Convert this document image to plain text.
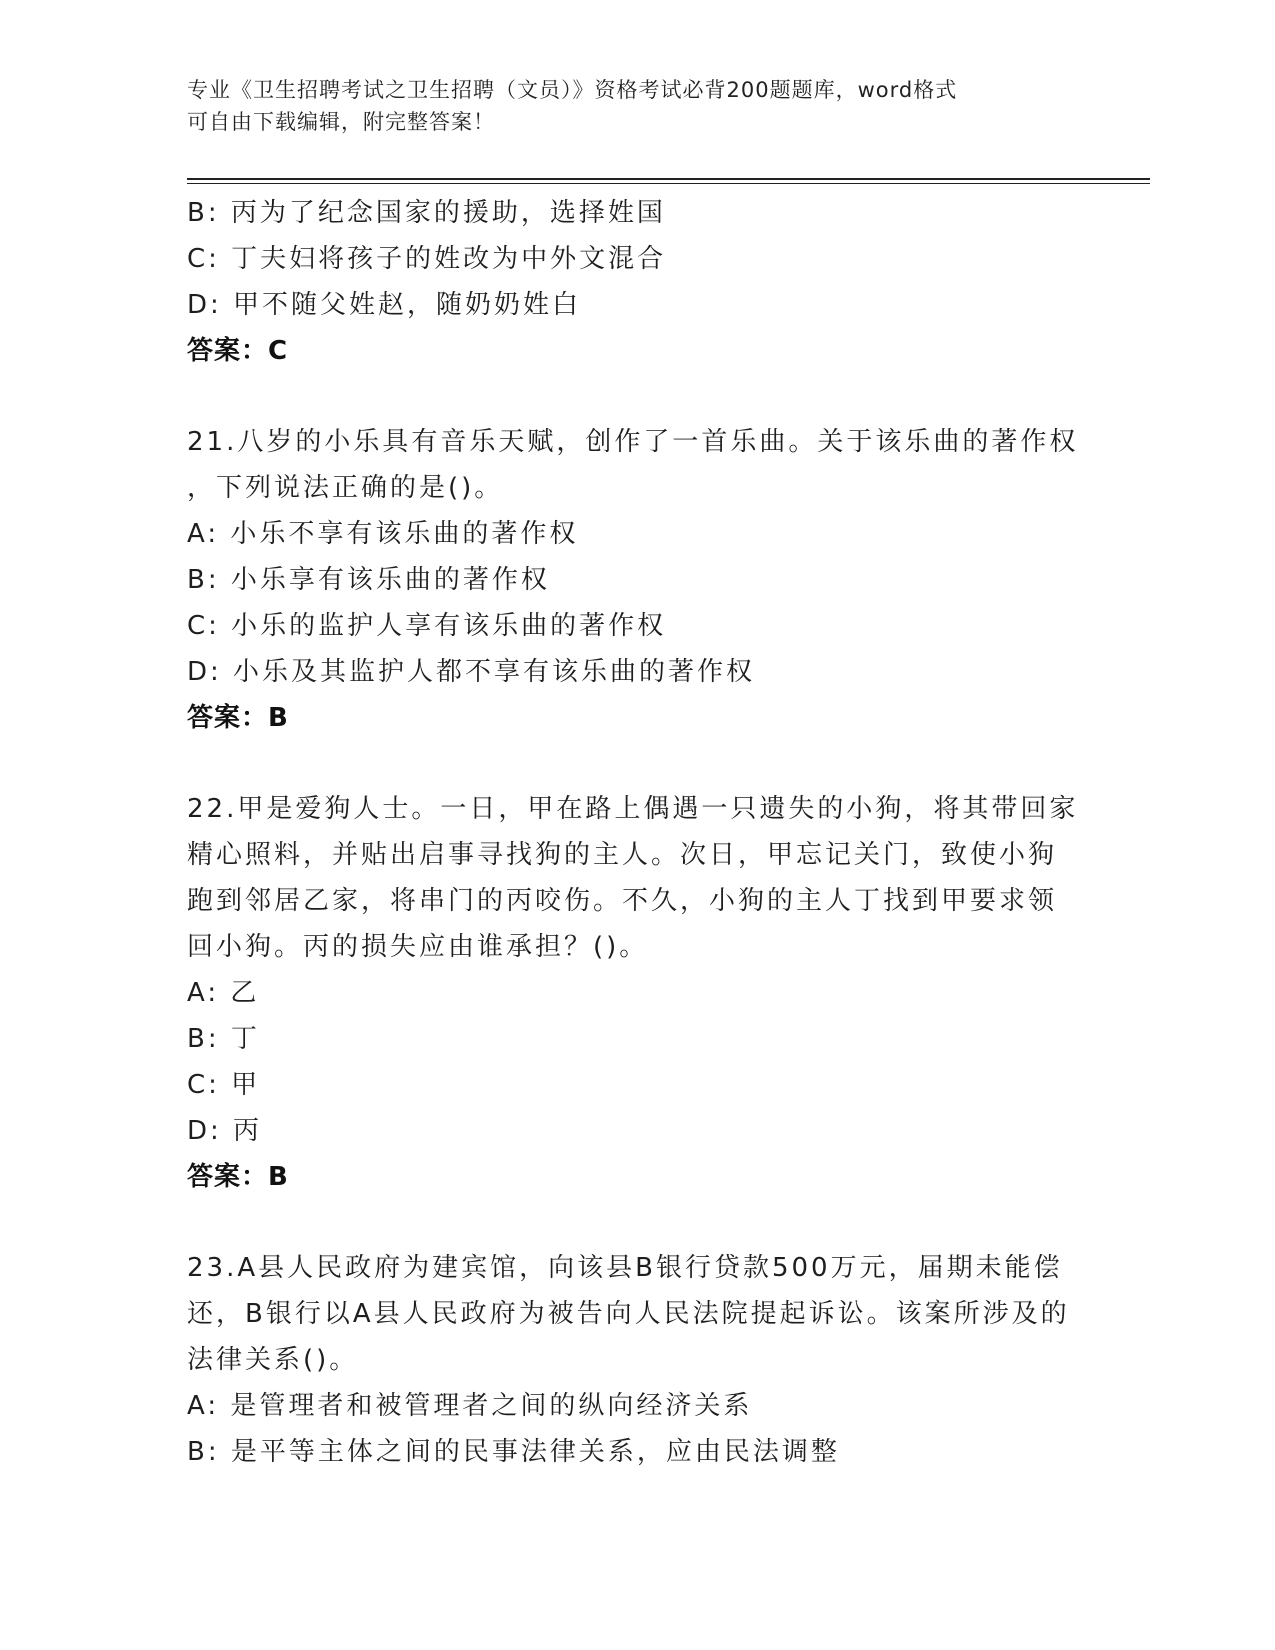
专业《卫生招聘考试之卫生招聘（文员）》资格考试必背200题题库，word格式
可自由下载编辑，附完整答案！
B: 丙为了纪念国家的援助，选择姓国
C: 丁夫妇将孩子的姓改为中外文混合
D: 甲不随父姓赵，随奶奶姓白
答案：C
21.八岁的小乐具有音乐天赋，创作了一首乐曲。关于该乐曲的著作权
，下列说法正确的是()。
A: 小乐不享有该乐曲的著作权
B: 小乐享有该乐曲的著作权
C: 小乐的监护人享有该乐曲的著作权
D: 小乐及其监护人都不享有该乐曲的著作权
答案：B
22.甲是爱狗人士。一日，甲在路上偶遇一只遗失的小狗，将其带回家
精心照料，并贴出启事寻找狗的主人。次日，甲忘记关门，致使小狗
跑到邻居乙家，将串门的丙咬伤。不久，小狗的主人丁找到甲要求领
回小狗。丙的损失应由谁承担？()。
A: 乙
B: 丁
C: 甲
D: 丙
答案：B
23.A县人民政府为建宾馆，向该县B银行贷款500万元，届期未能偿
还，B银行以A县人民政府为被告向人民法院提起诉讼。该案所涉及的
法律关系()。
A: 是管理者和被管理者之间的纵向经济关系
B: 是平等主体之间的民事法律关系，应由民法调整
